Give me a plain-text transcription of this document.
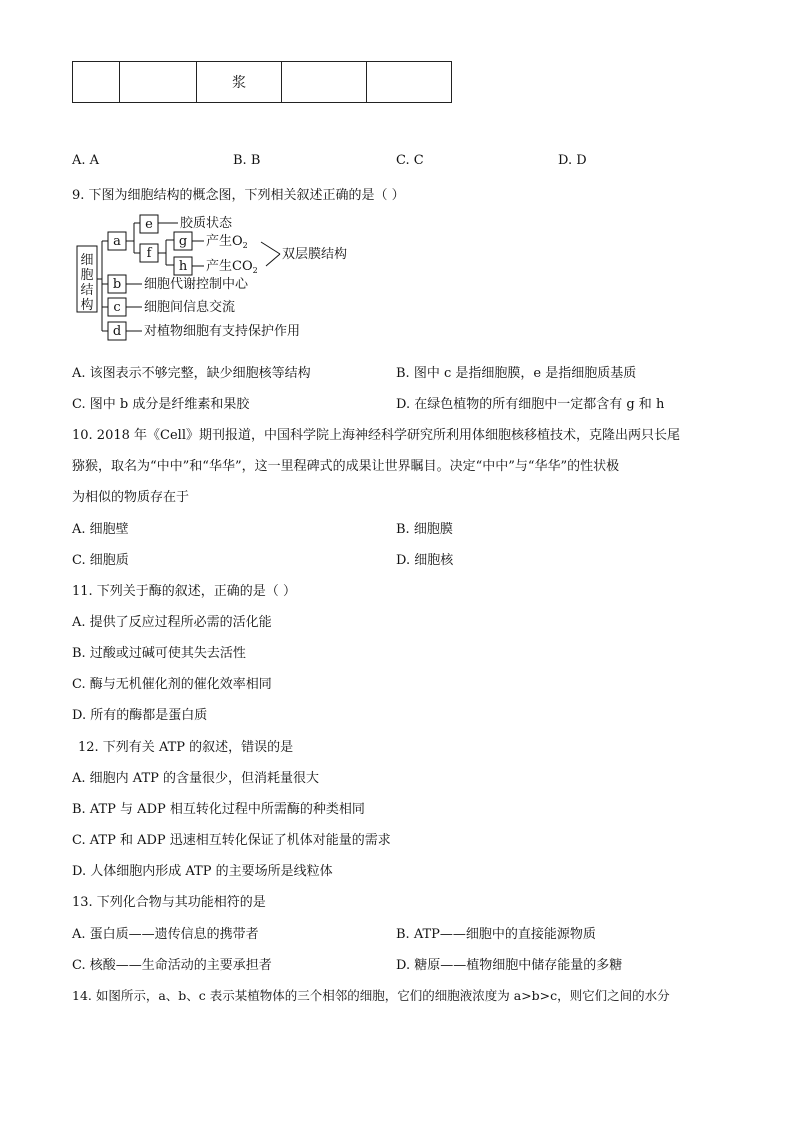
		浆		
A. A	B. B	C. C	D. D
9. 下图为细胞结构的概念图，下列相关叙述正确的是（ ）
细
胞
结
构
a
b
c
d
e
f
g
h
胶质状态
产生$O_2$
产生$CO_2$
双层膜结构
细胞代谢控制中心
细胞间信息交流
对植物细胞有支持保护作用
A. 该图表示不够完整，缺少细胞核等结构	B. 图中 c 是指细胞膜，e 是指细胞质基质
C. 图中 b 成分是纤维素和果胶	D. 在绿色植物的所有细胞中一定都含有 g 和 h
10. 2018 年《Cell》期刊报道，中国科学院上海神经科学研究所利用体细胞核移植技术，克隆出两只长尾
猕猴，取名为“中中”和“华华”，这一里程碑式的成果让世界瞩目。决定“中中”与“华华”的性状极
为相似的物质存在于
A. 细胞壁	B. 细胞膜
C. 细胞质	D. 细胞核
11. 下列关于酶的叙述，正确的是（ ）
A. 提供了反应过程所必需的活化能
B. 过酸或过碱可使其失去活性
C. 酶与无机催化剂的催化效率相同
D. 所有的酶都是蛋白质
12. 下列有关 ATP 的叙述，错误的是
A. 细胞内 ATP 的含量很少，但消耗量很大
B. ATP 与 ADP 相互转化过程中所需酶的种类相同
C. ATP 和 ADP 迅速相互转化保证了机体对能量的需求
D. 人体细胞内形成 ATP 的主要场所是线粒体
13. 下列化合物与其功能相符的是
A. 蛋白质——遗传信息的携带者	B. ATP——细胞中的直接能源物质
C. 核酸——生命活动的主要承担者	D. 糖原——植物细胞中储存能量的多糖
14. 如图所示，a、b、c 表示某植物体的三个相邻的细胞，它们的细胞液浓度为 a>b>c，则它们之间的水分
